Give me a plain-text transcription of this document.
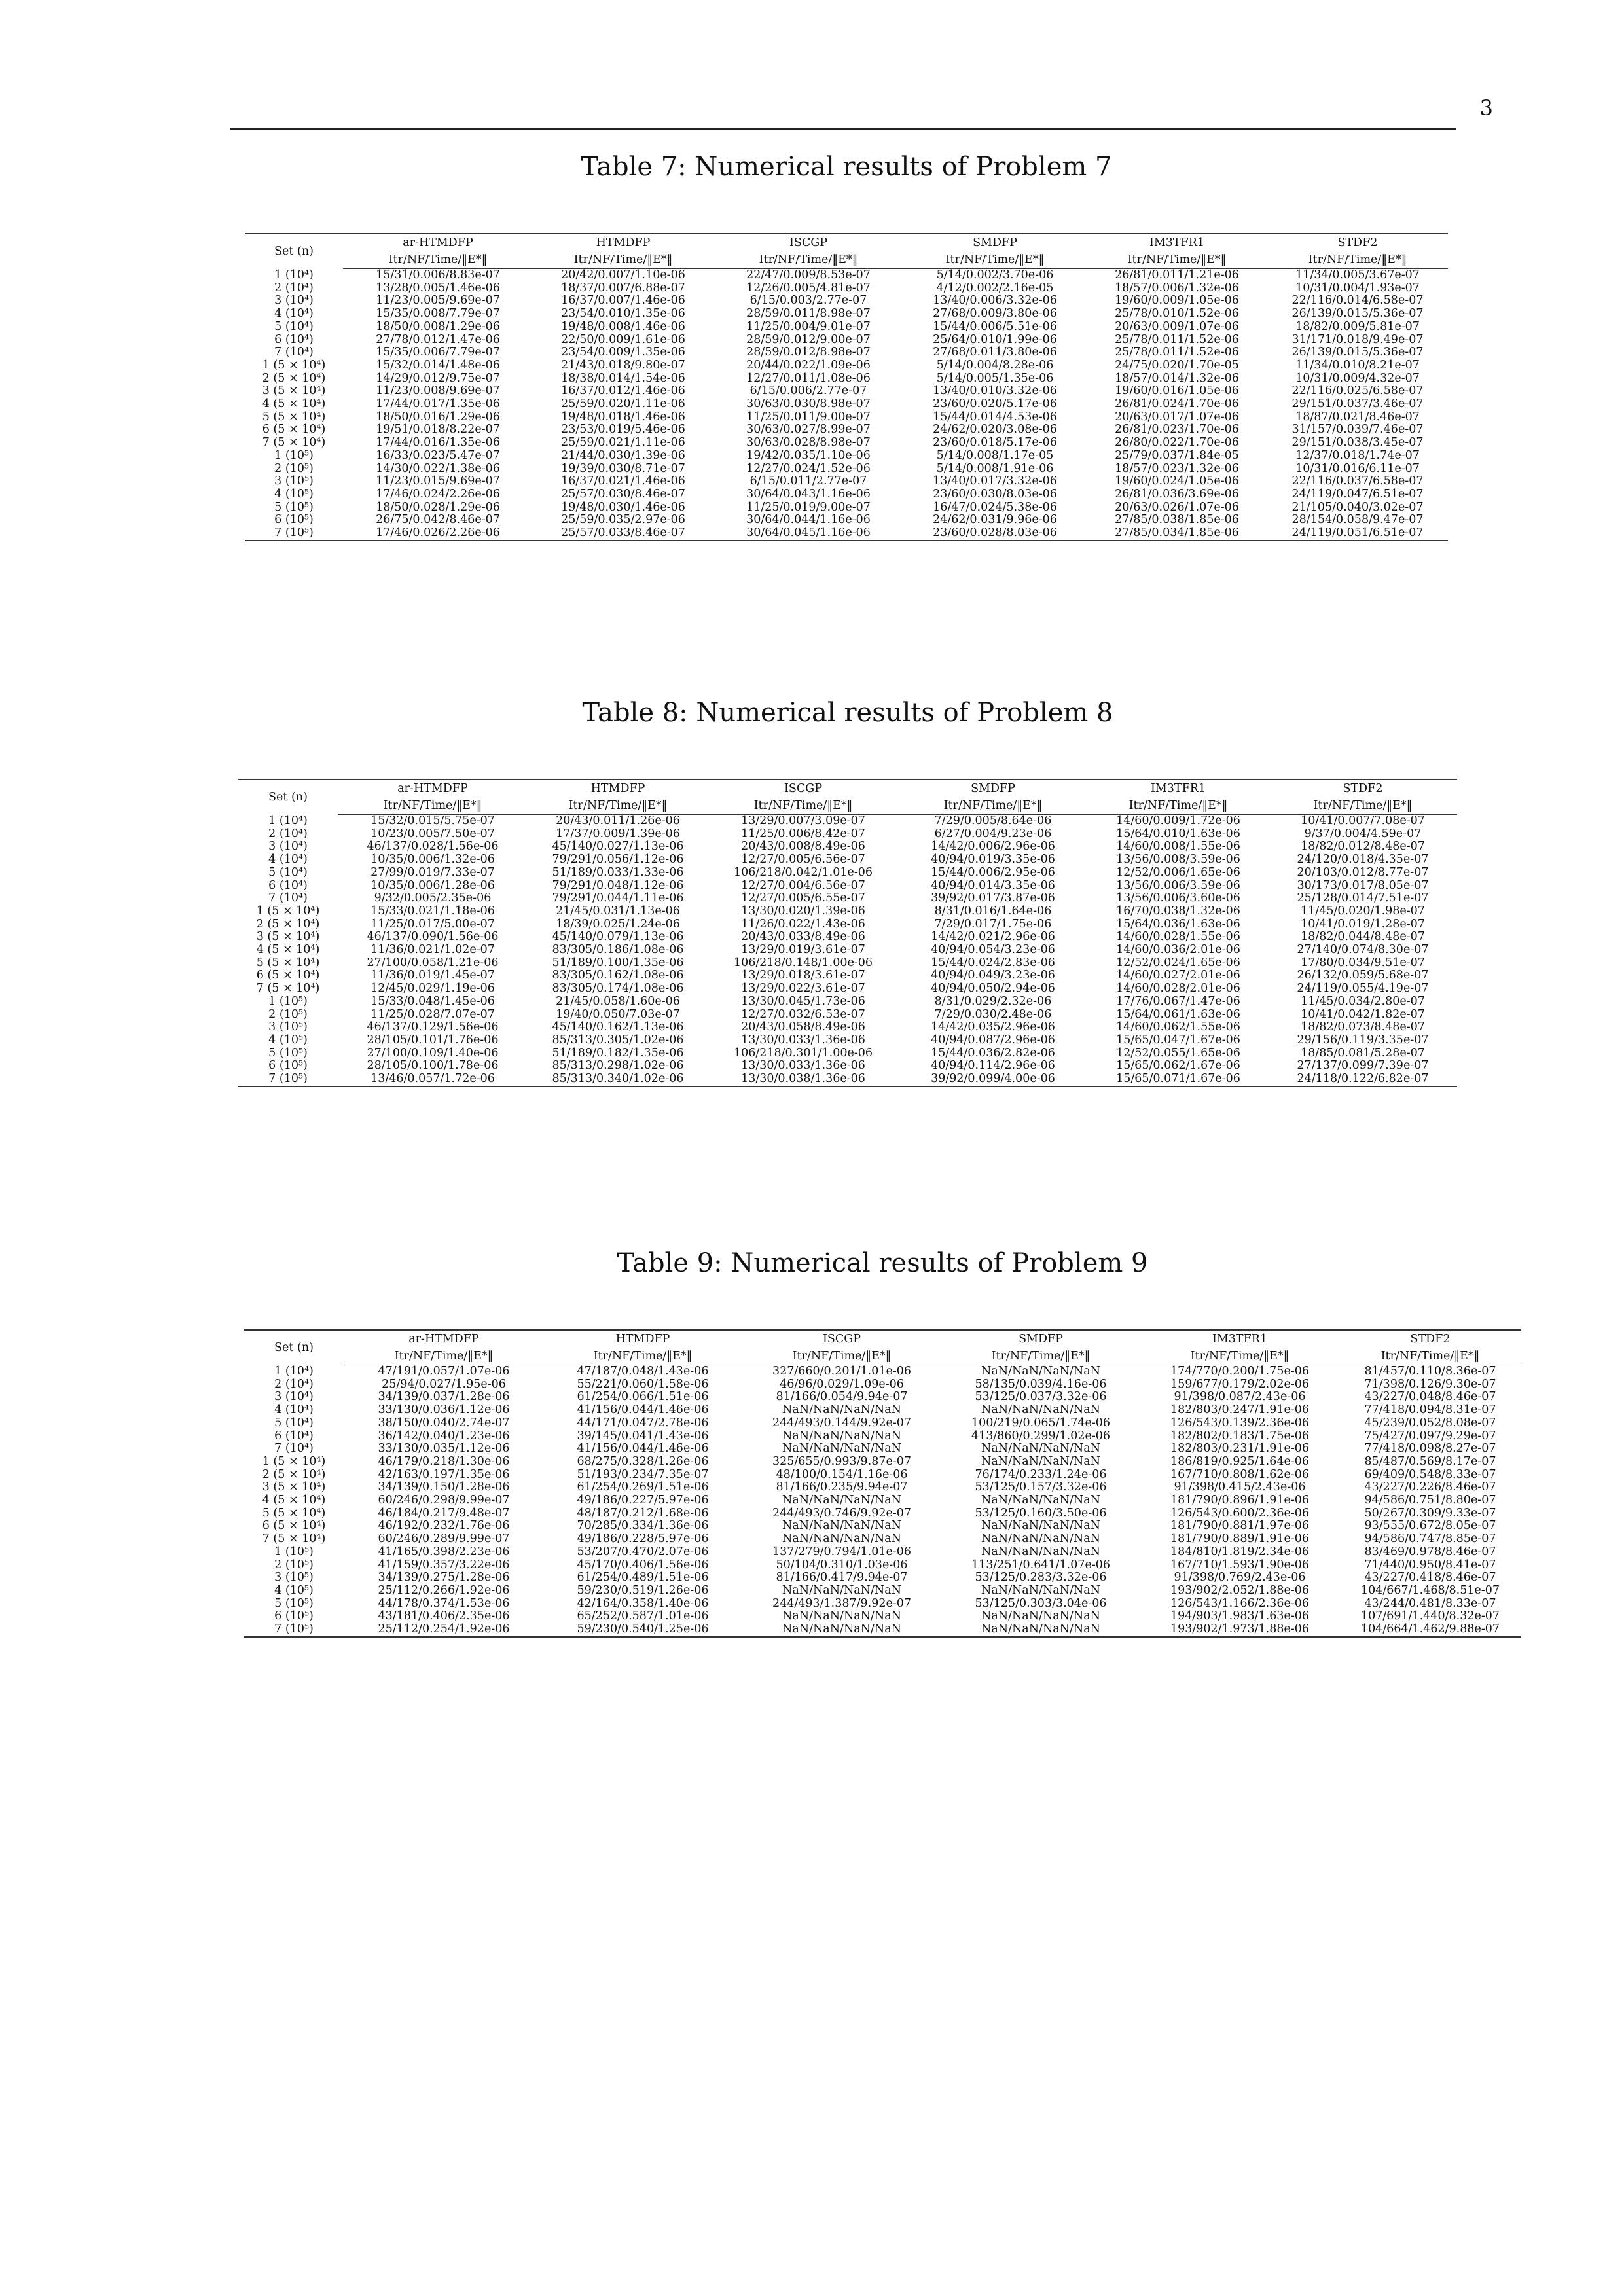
3

Table 7: Numerical results of Problem 7

Set (n)	ar-HTMDFP	HTMDFP	ISCGP	SMDFP	IM3TFR1	STDF2
	Itr/NF/Time/‖E*‖	Itr/NF/Time/‖E*‖	Itr/NF/Time/‖E*‖	Itr/NF/Time/‖E*‖	Itr/NF/Time/‖E*‖	Itr/NF/Time/‖E*‖
1 (10⁴)	15/31/0.006/8.83e-07	20/42/0.007/1.10e-06	22/47/0.009/8.53e-07	5/14/0.002/3.70e-06	26/81/0.011/1.21e-06	11/34/0.005/3.67e-07
2 (10⁴)	13/28/0.005/1.46e-06	18/37/0.007/6.88e-07	12/26/0.005/4.81e-07	4/12/0.002/2.16e-05	18/57/0.006/1.32e-06	10/31/0.004/1.93e-07
3 (10⁴)	11/23/0.005/9.69e-07	16/37/0.007/1.46e-06	6/15/0.003/2.77e-07	13/40/0.006/3.32e-06	19/60/0.009/1.05e-06	22/116/0.014/6.58e-07
4 (10⁴)	15/35/0.008/7.79e-07	23/54/0.010/1.35e-06	28/59/0.011/8.98e-07	27/68/0.009/3.80e-06	25/78/0.010/1.52e-06	26/139/0.015/5.36e-07
5 (10⁴)	18/50/0.008/1.29e-06	19/48/0.008/1.46e-06	11/25/0.004/9.01e-07	15/44/0.006/5.51e-06	20/63/0.009/1.07e-06	18/82/0.009/5.81e-07
6 (10⁴)	27/78/0.012/1.47e-06	22/50/0.009/1.61e-06	28/59/0.012/9.00e-07	25/64/0.010/1.99e-06	25/78/0.011/1.52e-06	31/171/0.018/9.49e-07
7 (10⁴)	15/35/0.006/7.79e-07	23/54/0.009/1.35e-06	28/59/0.012/8.98e-07	27/68/0.011/3.80e-06	25/78/0.011/1.52e-06	26/139/0.015/5.36e-07
1 (5 × 10⁴)	15/32/0.014/1.48e-06	21/43/0.018/9.80e-07	20/44/0.022/1.09e-06	5/14/0.004/8.28e-06	24/75/0.020/1.70e-05	11/34/0.010/8.21e-07
2 (5 × 10⁴)	14/29/0.012/9.75e-07	18/38/0.014/1.54e-06	12/27/0.011/1.08e-06	5/14/0.005/1.35e-06	18/57/0.014/1.32e-06	10/31/0.009/4.32e-07
3 (5 × 10⁴)	11/23/0.008/9.69e-07	16/37/0.012/1.46e-06	6/15/0.006/2.77e-07	13/40/0.010/3.32e-06	19/60/0.016/1.05e-06	22/116/0.025/6.58e-07
4 (5 × 10⁴)	17/44/0.017/1.35e-06	25/59/0.020/1.11e-06	30/63/0.030/8.98e-07	23/60/0.020/5.17e-06	26/81/0.024/1.70e-06	29/151/0.037/3.46e-07
5 (5 × 10⁴)	18/50/0.016/1.29e-06	19/48/0.018/1.46e-06	11/25/0.011/9.00e-07	15/44/0.014/4.53e-06	20/63/0.017/1.07e-06	18/87/0.021/8.46e-07
6 (5 × 10⁴)	19/51/0.018/8.22e-07	23/53/0.019/5.46e-06	30/63/0.027/8.99e-07	24/62/0.020/3.08e-06	26/81/0.023/1.70e-06	31/157/0.039/7.46e-07
7 (5 × 10⁴)	17/44/0.016/1.35e-06	25/59/0.021/1.11e-06	30/63/0.028/8.98e-07	23/60/0.018/5.17e-06	26/80/0.022/1.70e-06	29/151/0.038/3.45e-07
1 (10⁵)	16/33/0.023/5.47e-07	21/44/0.030/1.39e-06	19/42/0.035/1.10e-06	5/14/0.008/1.17e-05	25/79/0.037/1.84e-05	12/37/0.018/1.74e-07
2 (10⁵)	14/30/0.022/1.38e-06	19/39/0.030/8.71e-07	12/27/0.024/1.52e-06	5/14/0.008/1.91e-06	18/57/0.023/1.32e-06	10/31/0.016/6.11e-07
3 (10⁵)	11/23/0.015/9.69e-07	16/37/0.021/1.46e-06	6/15/0.011/2.77e-07	13/40/0.017/3.32e-06	19/60/0.024/1.05e-06	22/116/0.037/6.58e-07
4 (10⁵)	17/46/0.024/2.26e-06	25/57/0.030/8.46e-07	30/64/0.043/1.16e-06	23/60/0.030/8.03e-06	26/81/0.036/3.69e-06	24/119/0.047/6.51e-07
5 (10⁵)	18/50/0.028/1.29e-06	19/48/0.030/1.46e-06	11/25/0.019/9.00e-07	16/47/0.024/5.38e-06	20/63/0.026/1.07e-06	21/105/0.040/3.02e-07
6 (10⁵)	26/75/0.042/8.46e-07	25/59/0.035/2.97e-06	30/64/0.044/1.16e-06	24/62/0.031/9.96e-06	27/85/0.038/1.85e-06	28/154/0.058/9.47e-07
7 (10⁵)	17/46/0.026/2.26e-06	25/57/0.033/8.46e-07	30/64/0.045/1.16e-06	23/60/0.028/8.03e-06	27/85/0.034/1.85e-06	24/119/0.051/6.51e-07

Table 8: Numerical results of Problem 8

Set (n)	ar-HTMDFP	HTMDFP	ISCGP	SMDFP	IM3TFR1	STDF2
	Itr/NF/Time/‖E*‖	Itr/NF/Time/‖E*‖	Itr/NF/Time/‖E*‖	Itr/NF/Time/‖E*‖	Itr/NF/Time/‖E*‖	Itr/NF/Time/‖E*‖
1 (10⁴)	15/32/0.015/5.75e-07	20/43/0.011/1.26e-06	13/29/0.007/3.09e-07	7/29/0.005/8.64e-06	14/60/0.009/1.72e-06	10/41/0.007/7.08e-07
2 (10⁴)	10/23/0.005/7.50e-07	17/37/0.009/1.39e-06	11/25/0.006/8.42e-07	6/27/0.004/9.23e-06	15/64/0.010/1.63e-06	9/37/0.004/4.59e-07
3 (10⁴)	46/137/0.028/1.56e-06	45/140/0.027/1.13e-06	20/43/0.008/8.49e-06	14/42/0.006/2.96e-06	14/60/0.008/1.55e-06	18/82/0.012/8.48e-07
4 (10⁴)	10/35/0.006/1.32e-06	79/291/0.056/1.12e-06	12/27/0.005/6.56e-07	40/94/0.019/3.35e-06	13/56/0.008/3.59e-06	24/120/0.018/4.35e-07
5 (10⁴)	27/99/0.019/7.33e-07	51/189/0.033/1.33e-06	106/218/0.042/1.01e-06	15/44/0.006/2.95e-06	12/52/0.006/1.65e-06	20/103/0.012/8.77e-07
6 (10⁴)	10/35/0.006/1.28e-06	79/291/0.048/1.12e-06	12/27/0.004/6.56e-07	40/94/0.014/3.35e-06	13/56/0.006/3.59e-06	30/173/0.017/8.05e-07
7 (10⁴)	9/32/0.005/2.35e-06	79/291/0.044/1.11e-06	12/27/0.005/6.55e-07	39/92/0.017/3.87e-06	13/56/0.006/3.60e-06	25/128/0.014/7.51e-07
1 (5 × 10⁴)	15/33/0.021/1.18e-06	21/45/0.031/1.13e-06	13/30/0.020/1.39e-06	8/31/0.016/1.64e-06	16/70/0.038/1.32e-06	11/45/0.020/1.98e-07
2 (5 × 10⁴)	11/25/0.017/5.00e-07	18/39/0.025/1.24e-06	11/26/0.022/1.43e-06	7/29/0.017/1.75e-06	15/64/0.036/1.63e-06	10/41/0.019/1.28e-07
3 (5 × 10⁴)	46/137/0.090/1.56e-06	45/140/0.079/1.13e-06	20/43/0.033/8.49e-06	14/42/0.021/2.96e-06	14/60/0.028/1.55e-06	18/82/0.044/8.48e-07
4 (5 × 10⁴)	11/36/0.021/1.02e-07	83/305/0.186/1.08e-06	13/29/0.019/3.61e-07	40/94/0.054/3.23e-06	14/60/0.036/2.01e-06	27/140/0.074/8.30e-07
5 (5 × 10⁴)	27/100/0.058/1.21e-06	51/189/0.100/1.35e-06	106/218/0.148/1.00e-06	15/44/0.024/2.83e-06	12/52/0.024/1.65e-06	17/80/0.034/9.51e-07
6 (5 × 10⁴)	11/36/0.019/1.45e-07	83/305/0.162/1.08e-06	13/29/0.018/3.61e-07	40/94/0.049/3.23e-06	14/60/0.027/2.01e-06	26/132/0.059/5.68e-07
7 (5 × 10⁴)	12/45/0.029/1.19e-06	83/305/0.174/1.08e-06	13/29/0.022/3.61e-07	40/94/0.050/2.94e-06	14/60/0.028/2.01e-06	24/119/0.055/4.19e-07
1 (10⁵)	15/33/0.048/1.45e-06	21/45/0.058/1.60e-06	13/30/0.045/1.73e-06	8/31/0.029/2.32e-06	17/76/0.067/1.47e-06	11/45/0.034/2.80e-07
2 (10⁵)	11/25/0.028/7.07e-07	19/40/0.050/7.03e-07	12/27/0.032/6.53e-07	7/29/0.030/2.48e-06	15/64/0.061/1.63e-06	10/41/0.042/1.82e-07
3 (10⁵)	46/137/0.129/1.56e-06	45/140/0.162/1.13e-06	20/43/0.058/8.49e-06	14/42/0.035/2.96e-06	14/60/0.062/1.55e-06	18/82/0.073/8.48e-07
4 (10⁵)	28/105/0.101/1.76e-06	85/313/0.305/1.02e-06	13/30/0.033/1.36e-06	40/94/0.087/2.96e-06	15/65/0.047/1.67e-06	29/156/0.119/3.35e-07
5 (10⁵)	27/100/0.109/1.40e-06	51/189/0.182/1.35e-06	106/218/0.301/1.00e-06	15/44/0.036/2.82e-06	12/52/0.055/1.65e-06	18/85/0.081/5.28e-07
6 (10⁵)	28/105/0.100/1.78e-06	85/313/0.298/1.02e-06	13/30/0.033/1.36e-06	40/94/0.114/2.96e-06	15/65/0.062/1.67e-06	27/137/0.099/7.39e-07
7 (10⁵)	13/46/0.057/1.72e-06	85/313/0.340/1.02e-06	13/30/0.038/1.36e-06	39/92/0.099/4.00e-06	15/65/0.071/1.67e-06	24/118/0.122/6.82e-07

Table 9: Numerical results of Problem 9

Set (n)	ar-HTMDFP	HTMDFP	ISCGP	SMDFP	IM3TFR1	STDF2
	Itr/NF/Time/‖E*‖	Itr/NF/Time/‖E*‖	Itr/NF/Time/‖E*‖	Itr/NF/Time/‖E*‖	Itr/NF/Time/‖E*‖	Itr/NF/Time/‖E*‖
1 (10⁴)	47/191/0.057/1.07e-06	47/187/0.048/1.43e-06	327/660/0.201/1.01e-06	NaN/NaN/NaN/NaN	174/770/0.200/1.75e-06	81/457/0.110/8.36e-07
2 (10⁴)	25/94/0.027/1.95e-06	55/221/0.060/1.58e-06	46/96/0.029/1.09e-06	58/135/0.039/4.16e-06	159/677/0.179/2.02e-06	71/398/0.126/9.30e-07
3 (10⁴)	34/139/0.037/1.28e-06	61/254/0.066/1.51e-06	81/166/0.054/9.94e-07	53/125/0.037/3.32e-06	91/398/0.087/2.43e-06	43/227/0.048/8.46e-07
4 (10⁴)	33/130/0.036/1.12e-06	41/156/0.044/1.46e-06	NaN/NaN/NaN/NaN	NaN/NaN/NaN/NaN	182/803/0.247/1.91e-06	77/418/0.094/8.31e-07
5 (10⁴)	38/150/0.040/2.74e-07	44/171/0.047/2.78e-06	244/493/0.144/9.92e-07	100/219/0.065/1.74e-06	126/543/0.139/2.36e-06	45/239/0.052/8.08e-07
6 (10⁴)	36/142/0.040/1.23e-06	39/145/0.041/1.43e-06	NaN/NaN/NaN/NaN	413/860/0.299/1.02e-06	182/802/0.183/1.75e-06	75/427/0.097/9.29e-07
7 (10⁴)	33/130/0.035/1.12e-06	41/156/0.044/1.46e-06	NaN/NaN/NaN/NaN	NaN/NaN/NaN/NaN	182/803/0.231/1.91e-06	77/418/0.098/8.27e-07
1 (5 × 10⁴)	46/179/0.218/1.30e-06	68/275/0.328/1.26e-06	325/655/0.993/9.87e-07	NaN/NaN/NaN/NaN	186/819/0.925/1.64e-06	85/487/0.569/8.17e-07
2 (5 × 10⁴)	42/163/0.197/1.35e-06	51/193/0.234/7.35e-07	48/100/0.154/1.16e-06	76/174/0.233/1.24e-06	167/710/0.808/1.62e-06	69/409/0.548/8.33e-07
3 (5 × 10⁴)	34/139/0.150/1.28e-06	61/254/0.269/1.51e-06	81/166/0.235/9.94e-07	53/125/0.157/3.32e-06	91/398/0.415/2.43e-06	43/227/0.226/8.46e-07
4 (5 × 10⁴)	60/246/0.298/9.99e-07	49/186/0.227/5.97e-06	NaN/NaN/NaN/NaN	NaN/NaN/NaN/NaN	181/790/0.896/1.91e-06	94/586/0.751/8.80e-07
5 (5 × 10⁴)	46/184/0.217/9.48e-07	48/187/0.212/1.68e-06	244/493/0.746/9.92e-07	53/125/0.160/3.50e-06	126/543/0.600/2.36e-06	50/267/0.309/9.33e-07
6 (5 × 10⁴)	46/192/0.232/1.76e-06	70/285/0.334/1.36e-06	NaN/NaN/NaN/NaN	NaN/NaN/NaN/NaN	181/790/0.881/1.97e-06	93/555/0.672/8.05e-07
7 (5 × 10⁴)	60/246/0.289/9.99e-07	49/186/0.228/5.97e-06	NaN/NaN/NaN/NaN	NaN/NaN/NaN/NaN	181/790/0.889/1.91e-06	94/586/0.747/8.85e-07
1 (10⁵)	41/165/0.398/2.23e-06	53/207/0.470/2.07e-06	137/279/0.794/1.01e-06	NaN/NaN/NaN/NaN	184/810/1.819/2.34e-06	83/469/0.978/8.46e-07
2 (10⁵)	41/159/0.357/3.22e-06	45/170/0.406/1.56e-06	50/104/0.310/1.03e-06	113/251/0.641/1.07e-06	167/710/1.593/1.90e-06	71/440/0.950/8.41e-07
3 (10⁵)	34/139/0.275/1.28e-06	61/254/0.489/1.51e-06	81/166/0.417/9.94e-07	53/125/0.283/3.32e-06	91/398/0.769/2.43e-06	43/227/0.418/8.46e-07
4 (10⁵)	25/112/0.266/1.92e-06	59/230/0.519/1.26e-06	NaN/NaN/NaN/NaN	NaN/NaN/NaN/NaN	193/902/2.052/1.88e-06	104/667/1.468/8.51e-07
5 (10⁵)	44/178/0.374/1.53e-06	42/164/0.358/1.40e-06	244/493/1.387/9.92e-07	53/125/0.303/3.04e-06	126/543/1.166/2.36e-06	43/244/0.481/8.33e-07
6 (10⁵)	43/181/0.406/2.35e-06	65/252/0.587/1.01e-06	NaN/NaN/NaN/NaN	NaN/NaN/NaN/NaN	194/903/1.983/1.63e-06	107/691/1.440/8.32e-07
7 (10⁵)	25/112/0.254/1.92e-06	59/230/0.540/1.25e-06	NaN/NaN/NaN/NaN	NaN/NaN/NaN/NaN	193/902/1.973/1.88e-06	104/664/1.462/9.88e-07
